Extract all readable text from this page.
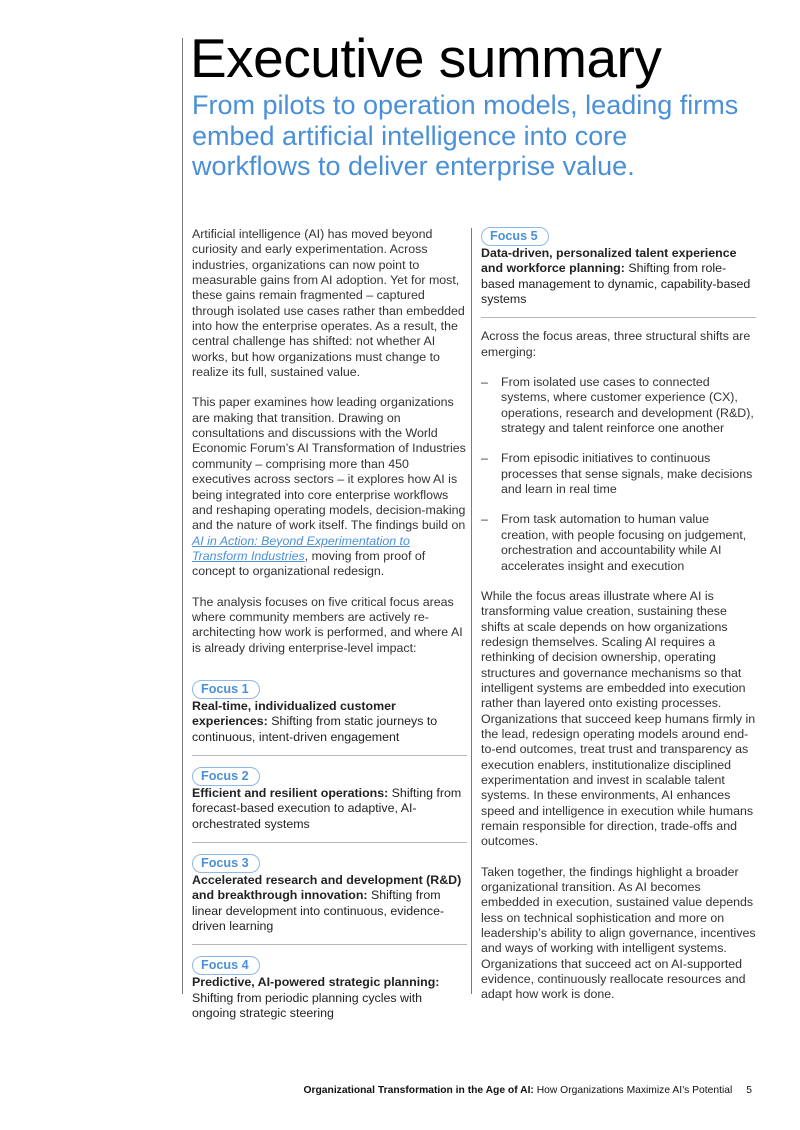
Executive summary
From pilots to operation models, leading firms embed artificial intelligence into core workflows to deliver enterprise value.

Artificial intelligence (AI) has moved beyond curiosity and early experimentation. Across industries, organizations can now point to measurable gains from AI adoption. Yet for most, these gains remain fragmented – captured through isolated use cases rather than embedded into how the enterprise operates. As a result, the central challenge has shifted: not whether AI works, but how organizations must change to realize its full, sustained value.

This paper examines how leading organizations are making that transition. Drawing on consultations and discussions with the World Economic Forum’s AI Transformation of Industries community – comprising more than 450 executives across sectors – it explores how AI is being integrated into core enterprise workflows and reshaping operating models, decision-making and the nature of work itself. The findings build on AI in Action: Beyond Experimentation to Transform Industries, moving from proof of concept to organizational redesign.

The analysis focuses on five critical focus areas where community members are actively re-architecting how work is performed, and where AI is already driving enterprise-level impact:

Focus 1

Real-time, individualized customer experiences: Shifting from static journeys to continuous, intent-driven engagement

Focus 2

Efficient and resilient operations: Shifting from forecast-based execution to adaptive, AI-orchestrated systems

Focus 3

Accelerated research and development (R&D) and breakthrough innovation: Shifting from linear development into continuous, evidence-driven learning

Focus 4

Predictive, AI-powered strategic planning: Shifting from periodic planning cycles with ongoing strategic steering

Focus 5

Data-driven, personalized talent experience and workforce planning: Shifting from role-based management to dynamic, capability-based systems

Across the focus areas, three structural shifts are emerging:

– From isolated use cases to connected systems, where customer experience (CX), operations, research and development (R&D), strategy and talent reinforce one another
– From episodic initiatives to continuous processes that sense signals, make decisions and learn in real time
– From task automation to human value creation, with people focusing on judgement, orchestration and accountability while AI accelerates insight and execution

While the focus areas illustrate where AI is transforming value creation, sustaining these shifts at scale depends on how organizations redesign themselves. Scaling AI requires a rethinking of decision ownership, operating structures and governance mechanisms so that intelligent systems are embedded into execution rather than layered onto existing processes. Organizations that succeed keep humans firmly in the lead, redesign operating models around end-to-end outcomes, treat trust and transparency as execution enablers, institutionalize disciplined experimentation and invest in scalable talent systems. In these environments, AI enhances speed and intelligence in execution while humans remain responsible for direction, trade-offs and outcomes.

Taken together, the findings highlight a broader organizational transition. As AI becomes embedded in execution, sustained value depends less on technical sophistication and more on leadership’s ability to align governance, incentives and ways of working with intelligent systems. Organizations that succeed act on AI-supported evidence, continuously reallocate resources and adapt how work is done.

Organizational Transformation in the Age of AI: How Organizations Maximize AI’s Potential 5
